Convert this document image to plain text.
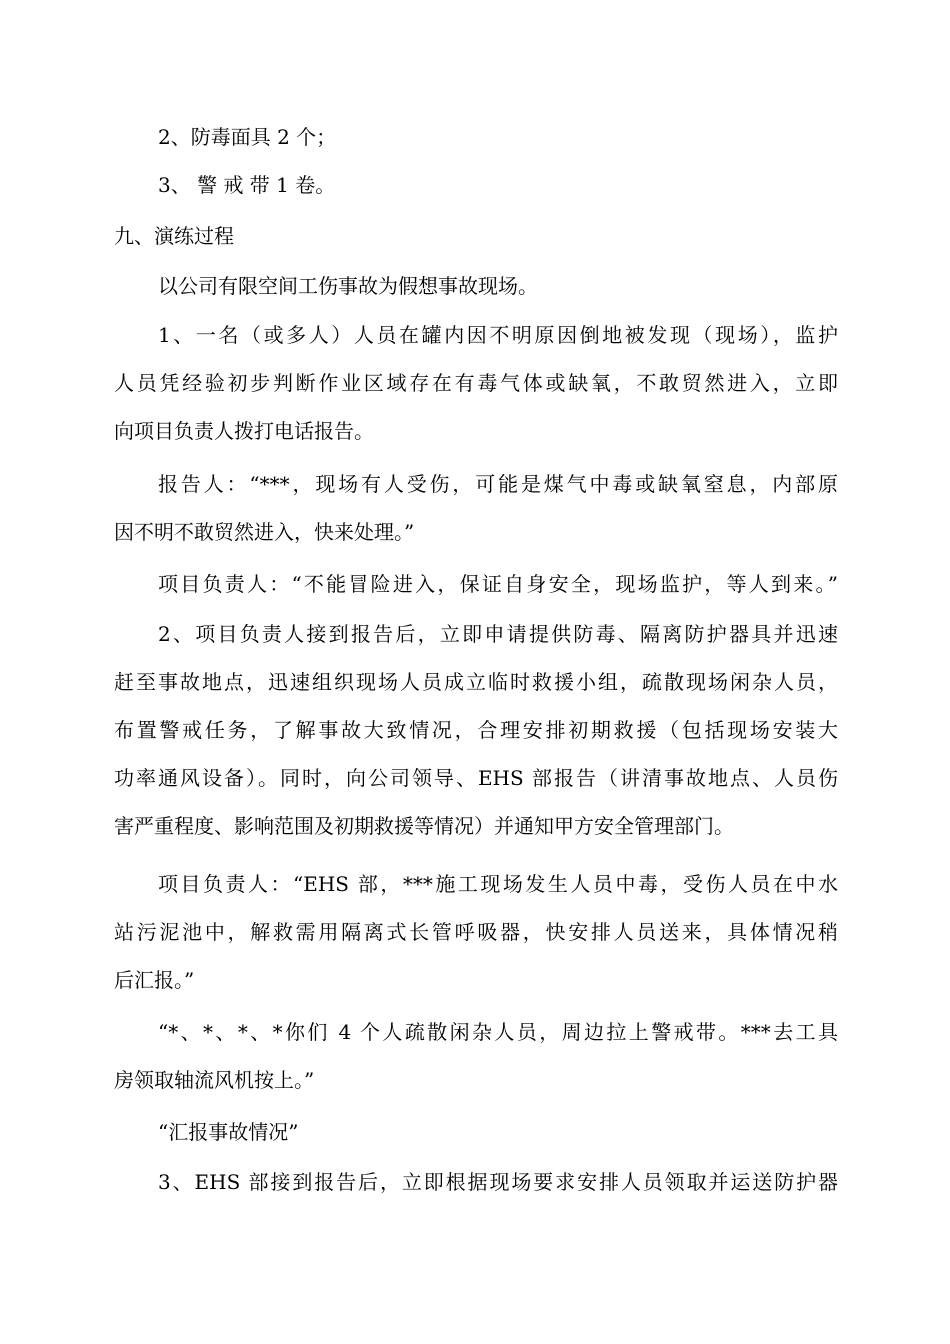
2、防毒面具 2 个；
3、 警 戒 带 1 卷。
九、演练过程
以公司有限空间工伤事故为假想事故现场。
1、一名（或多人）人员在罐内因不明原因倒地被发现（现场），监护
人员凭经验初步判断作业区域存在有毒气体或缺氧，不敢贸然进入，立即
向项目负责人拨打电话报告。
报告人：“***，现场有人受伤，可能是煤气中毒或缺氧窒息，内部原
因不明不敢贸然进入，快来处理。”
项目负责人：“不能冒险进入，保证自身安全，现场监护，等人到来。”
2、项目负责人接到报告后，立即申请提供防毒、隔离防护器具并迅速
赶至事故地点，迅速组织现场人员成立临时救援小组，疏散现场闲杂人员，
布置警戒任务，了解事故大致情况，合理安排初期救援（包括现场安装大
功率通风设备）。同时，向公司领导、EHS 部报告（讲清事故地点、人员伤
害严重程度、影响范围及初期救援等情况）并通知甲方安全管理部门。
项目负责人：“EHS 部，***施工现场发生人员中毒，受伤人员在中水
站污泥池中，解救需用隔离式长管呼吸器，快安排人员送来，具体情况稍
后汇报。”
“*、*、*、*你们 4 个人疏散闲杂人员，周边拉上警戒带。***去工具
房领取轴流风机按上。”
“汇报事故情况”
3、EHS 部接到报告后，立即根据现场要求安排人员领取并运送防护器
